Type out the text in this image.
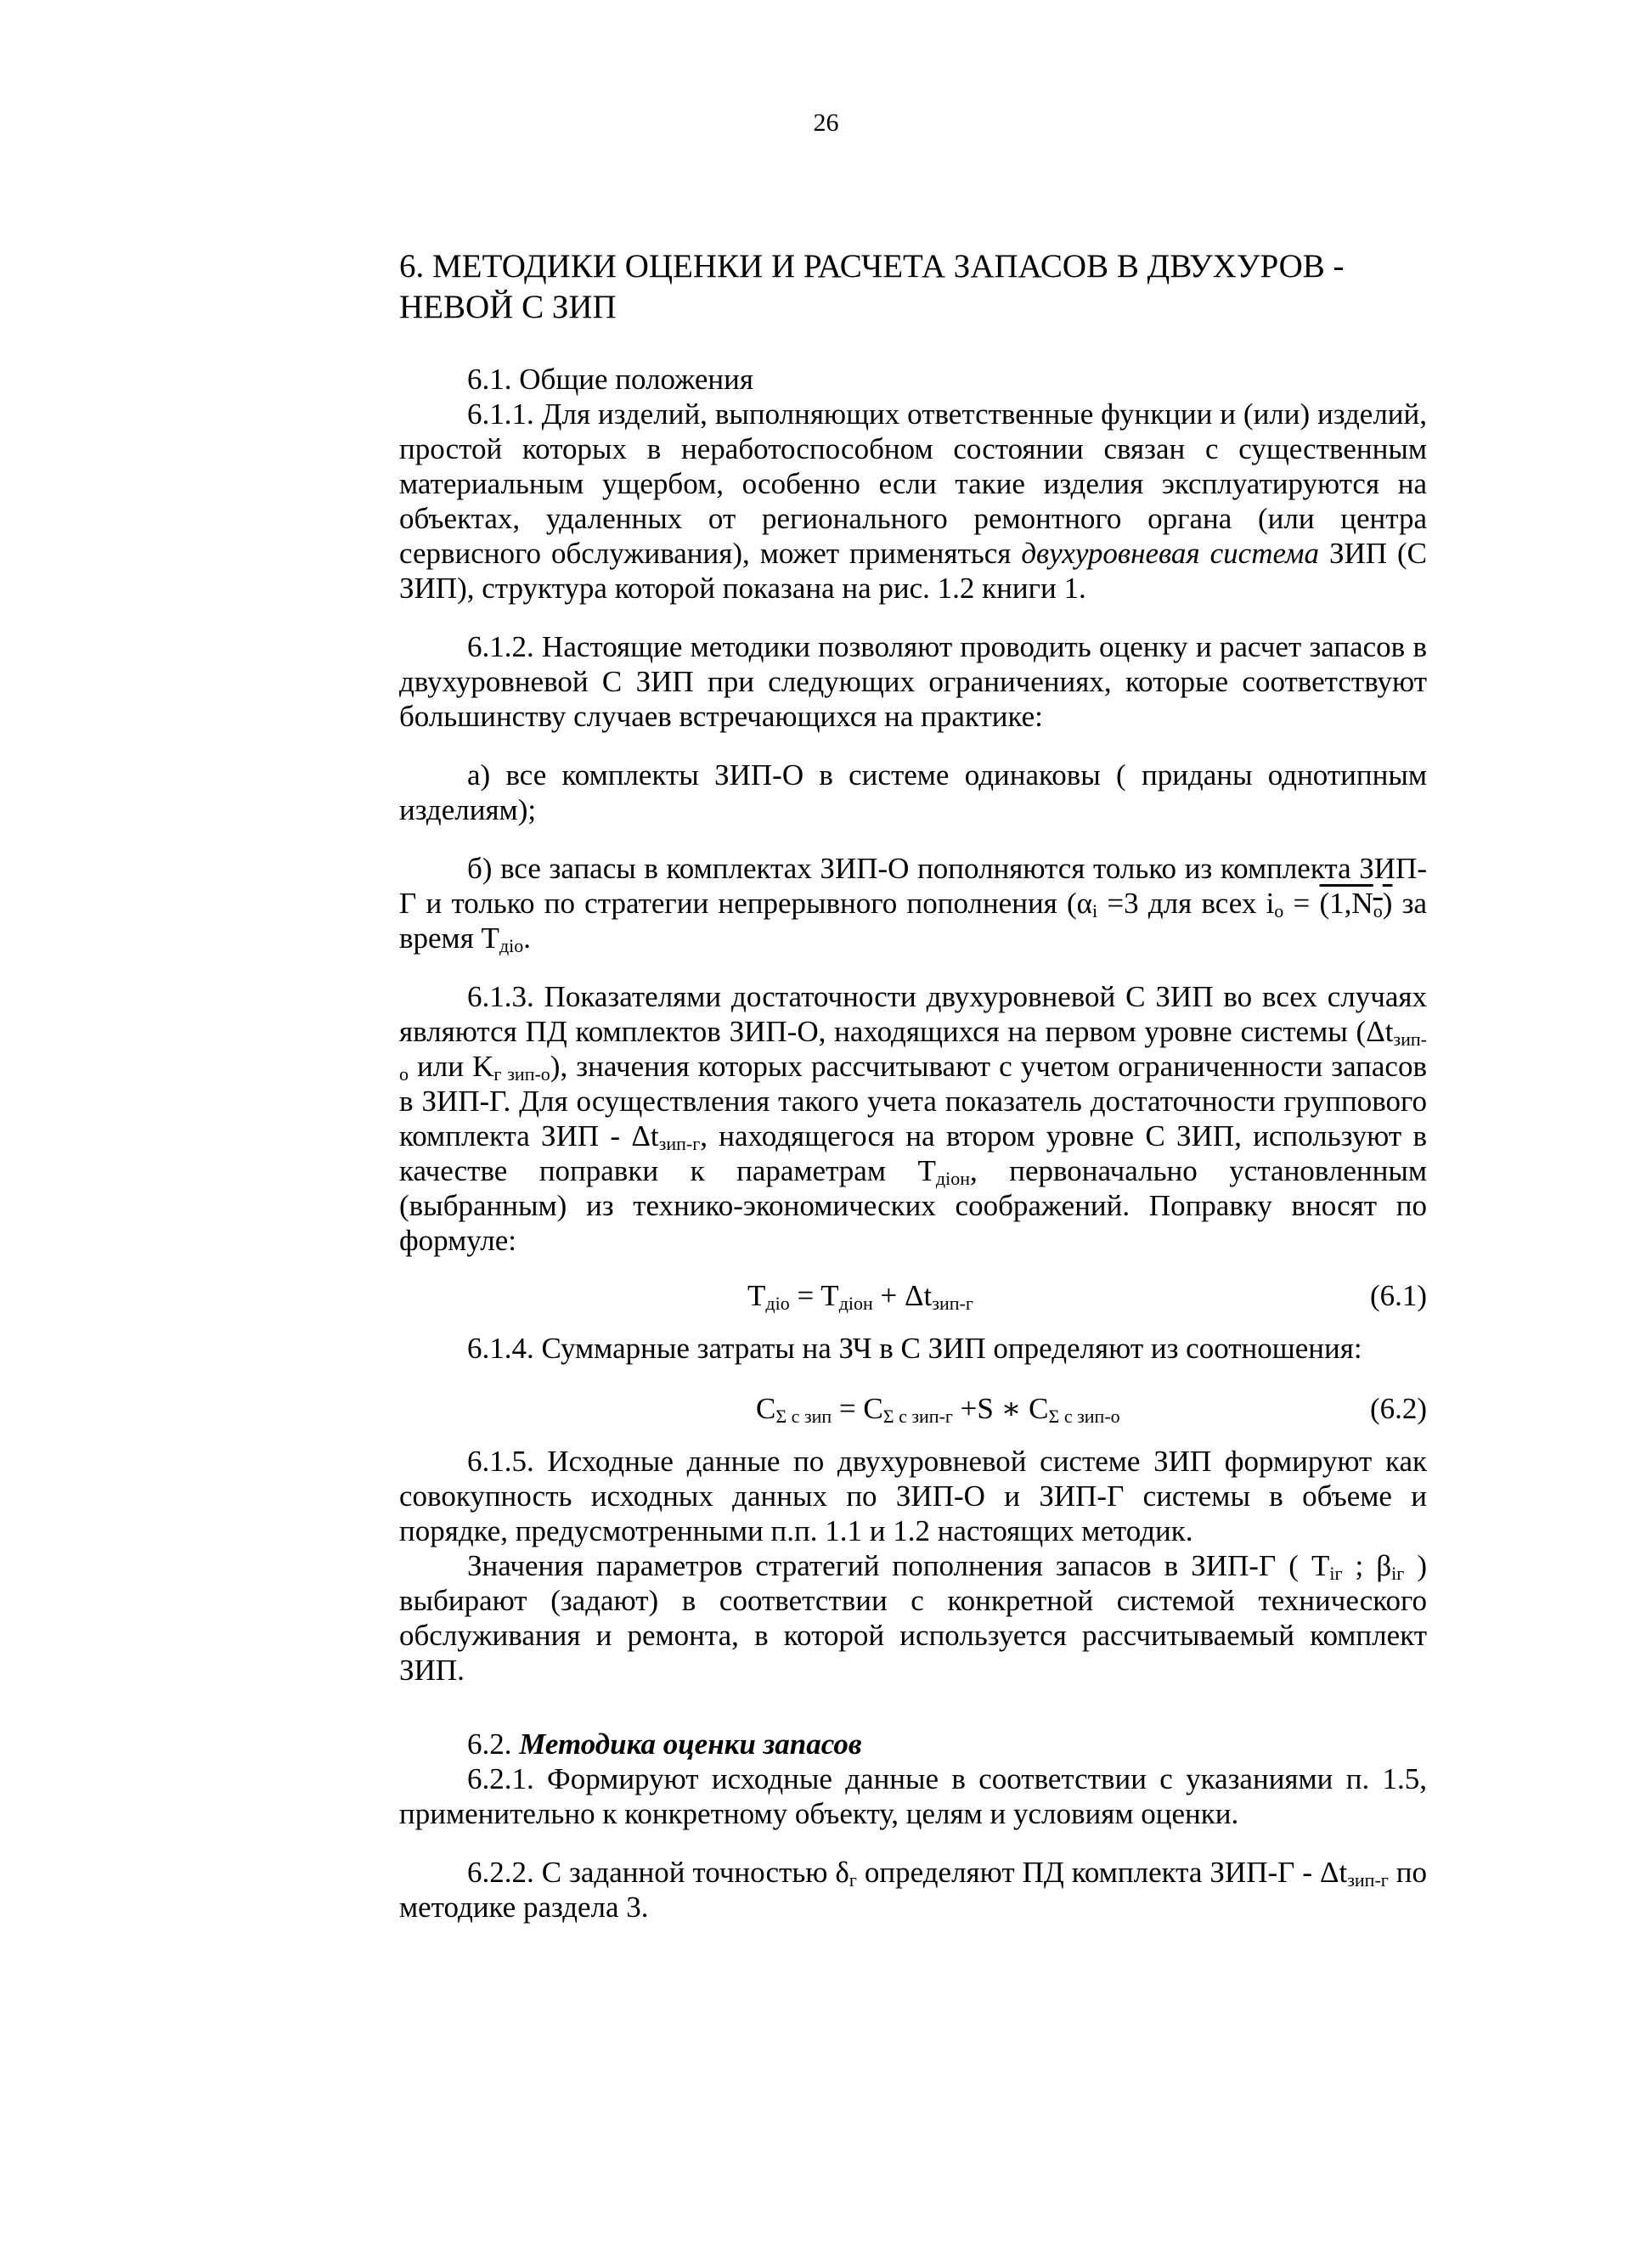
26
6. МЕТОДИКИ ОЦЕНКИ И РАСЧЕТА ЗАПАСОВ В ДВУХУРОВ -
НЕВОЙ С ЗИП

6.1. Общие положения

6.1.1. Для изделий, выполняющих ответственные функции и (или) изделий, простой которых в неработоспособном состоянии связан с существенным материальным ущербом, особенно если такие изделия эксплуатируются на объектах, удаленных от регионального ремонтного органа (или центра сервисного обслуживания), может применяться двухуровневая система ЗИП (С ЗИП), структура которой показана на рис. 1.2 книги 1.

6.1.2. Настоящие методики позволяют проводить оценку и расчет запасов в двухуровневой С ЗИП при следующих ограничениях, которые соответствуют большинству случаев встречающихся на практике:

а) все комплекты ЗИП-О в системе одинаковы ( приданы однотипным изделиям);

б) все запасы в комплектах ЗИП-О пополняются только из комплекта ЗИП-Г и только по стратегии непрерывного пополнения ($\alpha_i =3$ для всех $i_o = (1,N_o)$ за время $T_{дio}$.

6.1.3. Показателями достаточности двухуровневой С ЗИП во всех случаях являются ПД комплектов ЗИП-О, находящихся на первом уровне системы ($\Delta t_{зип-о}$ или $K_{г зип-о}$), значения которых рассчитывают с учетом ограниченности запасов в ЗИП-Г. Для осуществления такого учета показатель достаточности группового комплекта ЗИП - $\Delta t_{зип-г}$, находящегося на втором уровне С ЗИП, используют в качестве поправки к параметрам $T_{дiон}$, первоначально установленным (выбранным) из технико-экономических соображений. Поправку вносят по формуле:

$T_{дio} = T_{дiон} + \Delta t_{зип-г}$	(6.1)

6.1.4. Суммарные затраты на ЗЧ в С ЗИП определяют из соотношения:

$C_{\Sigma с зип} = C_{\Sigma с зип-г} +S$ ∗ $C_{\Sigma с зип-о}$	(6.2)

6.1.5. Исходные данные по двухуровневой системе ЗИП формируют как совокупность исходных данных по ЗИП-О и ЗИП-Г системы в объеме и порядке, предусмотренными п.п. 1.1 и 1.2 настоящих методик.

Значения параметров стратегий пополнения запасов в ЗИП-Г ( $T_{iг}$ ; $\beta_{iг}$ ) выбирают (задают) в соответствии с конкретной системой технического обслуживания и ремонта, в которой используется рассчитываемый комплект ЗИП.

6.2. Методика оценки запасов

6.2.1. Формируют исходные данные в соответствии с указаниями п. 1.5, применительно к конкретному объекту, целям и условиям оценки.

6.2.2. С заданной точностью $\delta_г$ определяют ПД комплекта $ЗИП-Г - \Delta t_{зип-г}$ по методике раздела 3.
